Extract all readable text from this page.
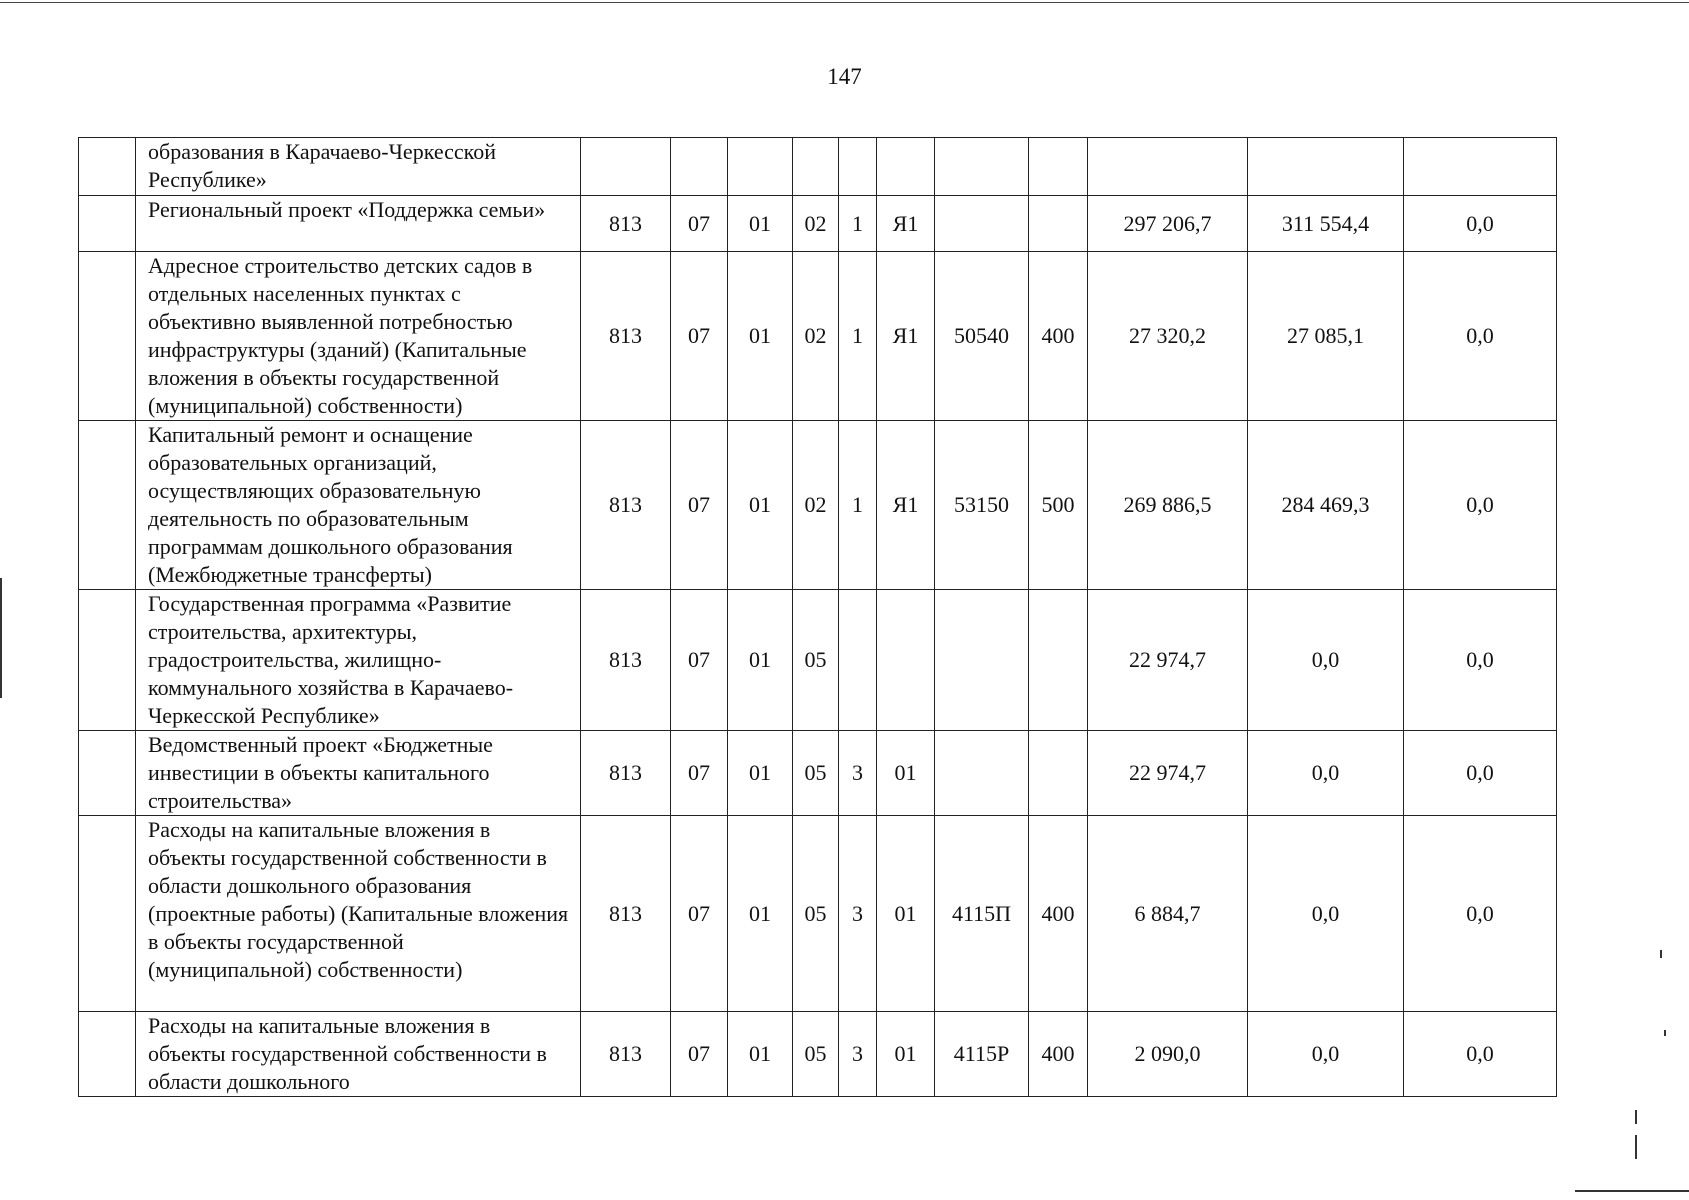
147
	образования в Карачаево-Черкесской Республике»											
	Региональный проект «Поддержка семьи»	813	07	01	02	1	Я1			297 206,7	311 554,4	0,0
	Адресное строительство детских садов в отдельных населенных пунктах с объективно выявленной потребностью инфраструктуры (зданий) (Капитальные вложения в объекты государственной (муниципальной) собственности)	813	07	01	02	1	Я1	50540	400	27 320,2	27 085,1	0,0
	Капитальный ремонт и оснащение образовательных организаций, осуществляющих образовательную деятельность по образовательным программам дошкольного образования (Межбюджетные трансферты)	813	07	01	02	1	Я1	53150	500	269 886,5	284 469,3	0,0
	Государственная программа «Развитие строительства, архитектуры, градостроительства, жилищно-коммунального хозяйства в Карачаево-Черкесской Республике»	813	07	01	05					22 974,7	0,0	0,0
	Ведомственный проект «Бюджетные инвестиции в объекты капитального строительства»	813	07	01	05	3	01			22 974,7	0,0	0,0
	Расходы на капитальные вложения в объекты государственной собственности в области дошкольного образования (проектные работы) (Капитальные вложения в объекты государственной (муниципальной) собственности)	813	07	01	05	3	01	4115П	400	6 884,7	0,0	0,0
	Расходы на капитальные вложения в объекты государственной собственности в области дошкольного	813	07	01	05	3	01	4115Р	400	2 090,0	0,0	0,0
